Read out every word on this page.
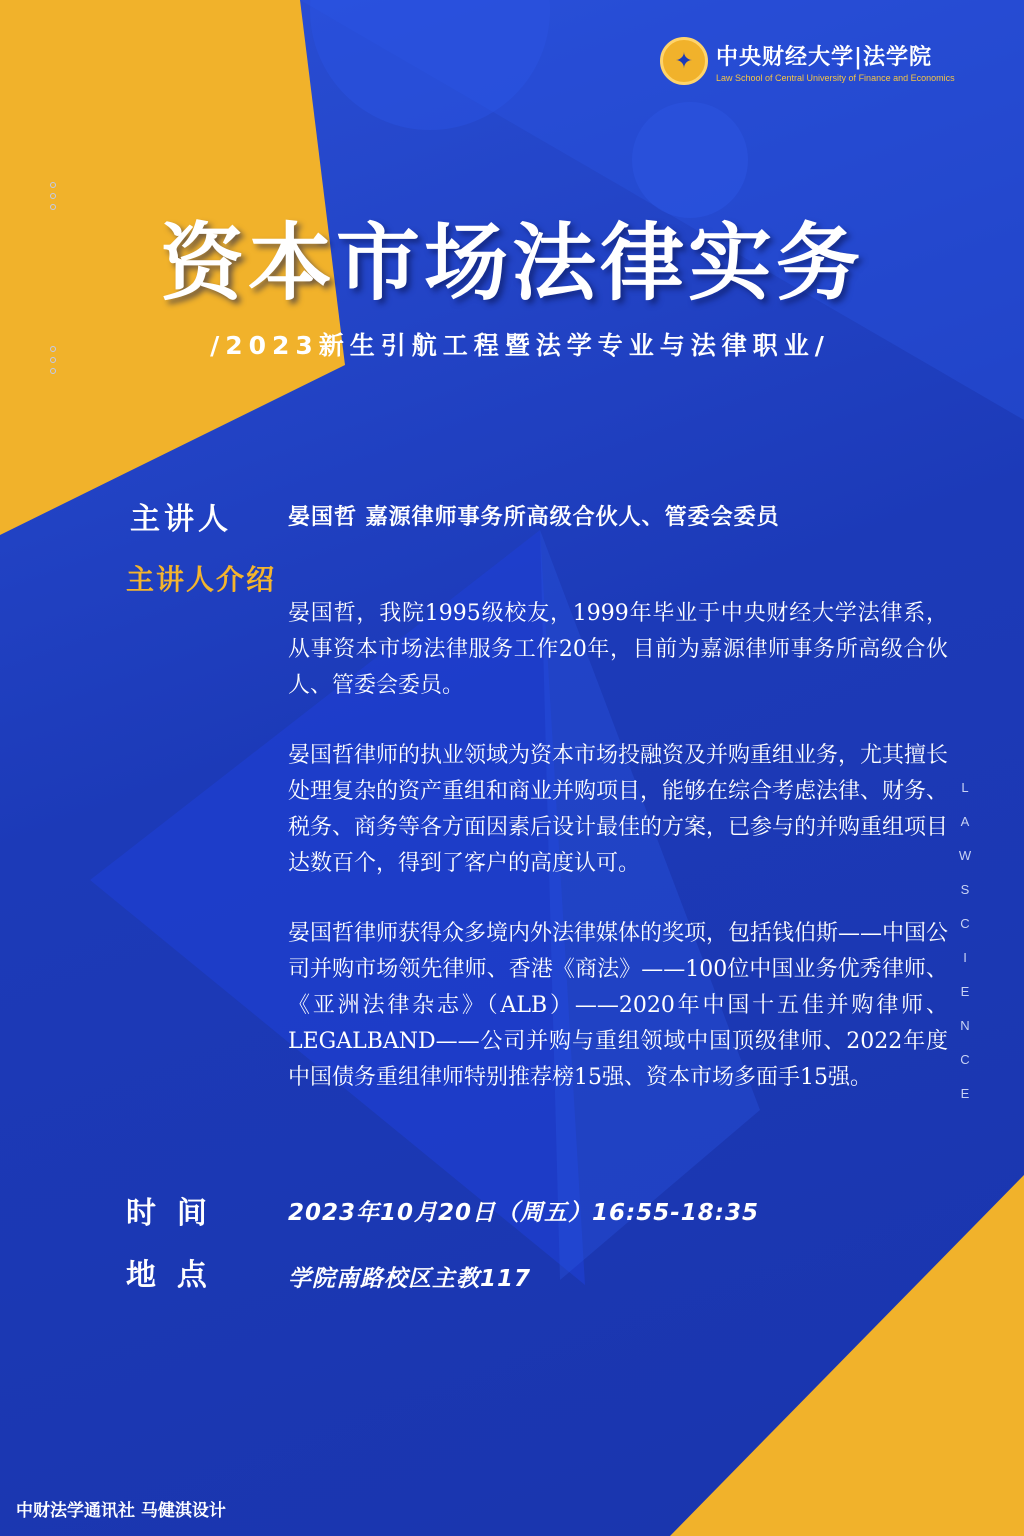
✦	中央财经大学|法学院
Law School of Central University of Finance and Economics
资本市场法律实务
/2023新生引航工程暨法学专业与法律职业/
主讲人	晏国哲 嘉源律师事务所高级合伙人、管委会委员
主讲人介绍

晏国哲，我院1995级校友，1999年毕业于中央财经大学法律系，从事资本市场法律服务工作20年，目前为嘉源律师事务所高级合伙人、管委会委员。

晏国哲律师的执业领域为资本市场投融资及并购重组业务，尤其擅长处理复杂的资产重组和商业并购项目，能够在综合考虑法律、财务、税务、商务等各方面因素后设计最佳的方案，已参与的并购重组项目达数百个，得到了客户的高度认可。

晏国哲律师获得众多境内外法律媒体的奖项，包括钱伯斯——中国公司并购市场领先律师、香港《商法》——100位中国业务优秀律师、《亚洲法律杂志》（ALB）——2020年中国十五佳并购律师、LEGALBAND——公司并购与重组领域中国顶级律师、2022年度中国债务重组律师特别推荐榜15强、资本市场多面手15强。

时  间	2023年10月20日（周五）16:55-18:35
地  点	学院南路校区主教117
L
A
W
S
C
I
E
N
C
E
中财法学通讯社 马健淇设计
